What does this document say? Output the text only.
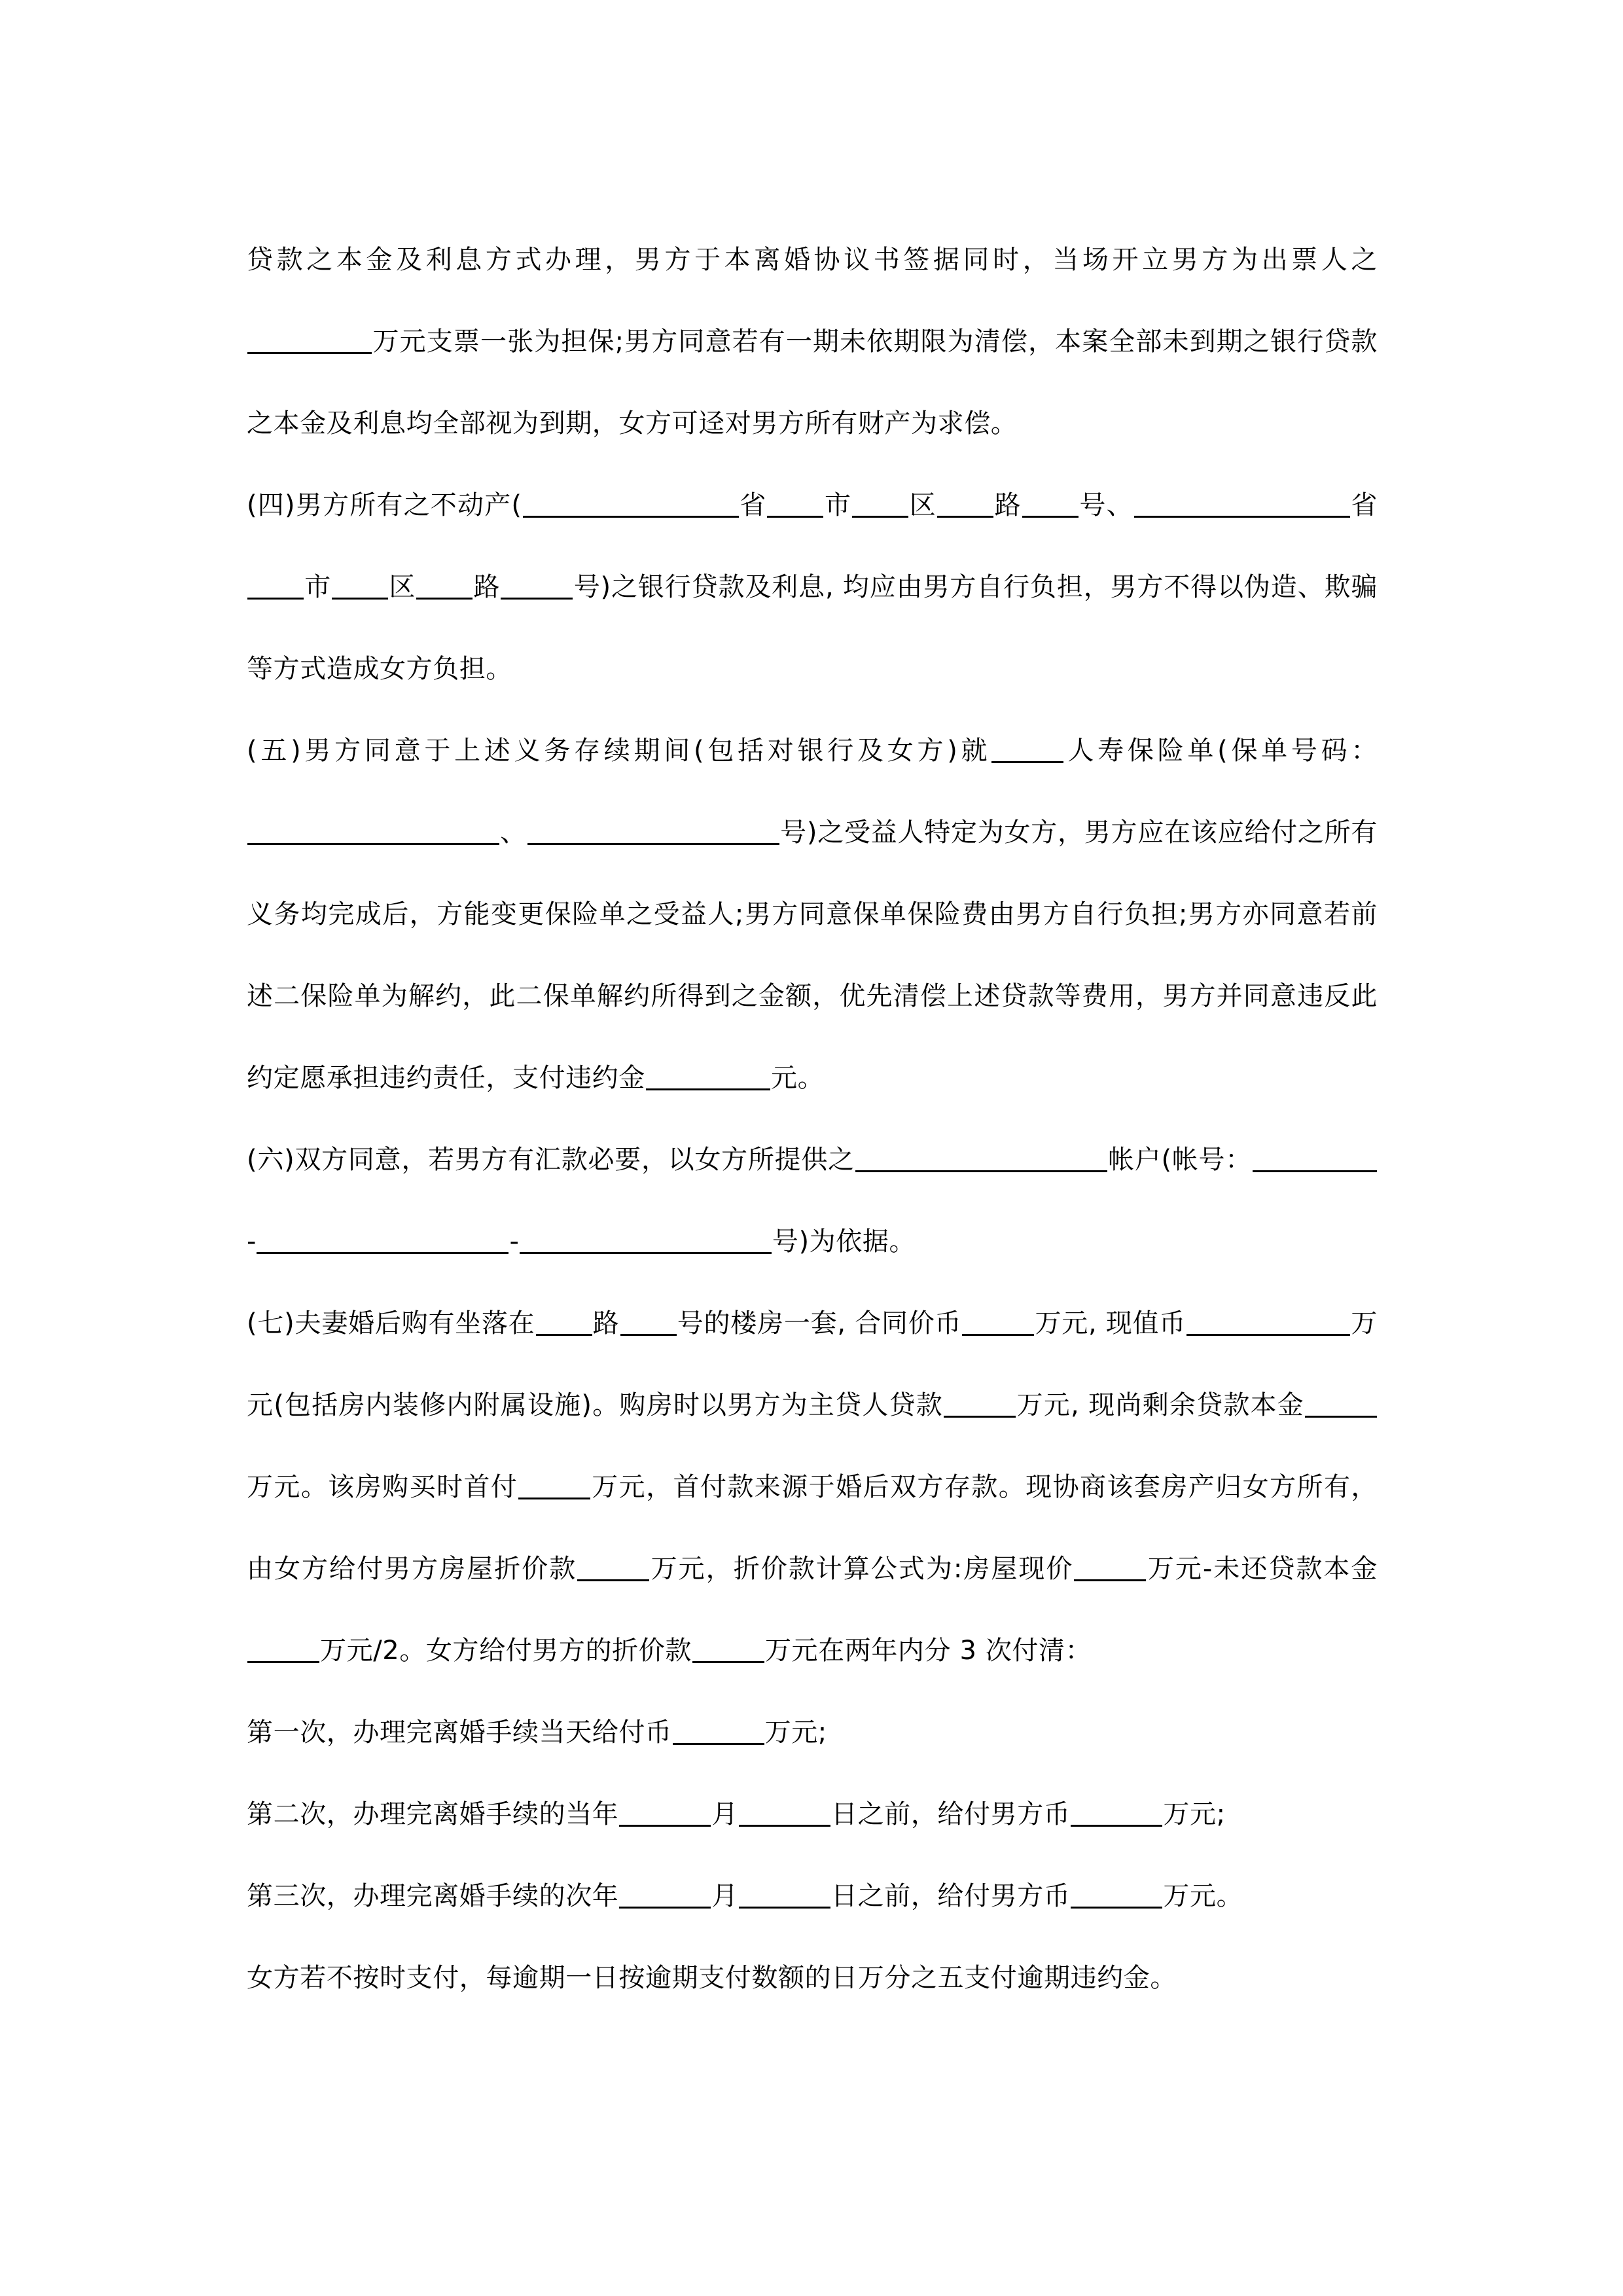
贷款之本金及利息方式办理，男方于本离婚协议书签据同时，当场开立男方为出票人之万元支票一张为担保;男方同意若有一期未依期限为清偿，本案全部未到期之银行贷款之本金及利息均全部视为到期，女方可迳对男方所有财产为求偿。

(四)男方所有之不动产(	省 市 区 路 号、	省市 区 路	号)之银行贷款及利息, 均应由男方自行负担，男方不得以伪造、欺骗等方式造成女方负担。

(五)男方同意于上述义务存续期间(包括对银行及女方)就	人寿保险单(保单号码：、	号)之受益人特定为女方，男方应在该应给付之所有义务均完成后，方能变更保险单之受益人;男方同意保单保险费由男方自行负担;男方亦同意若前述二保险单为解约，此二保单解约所得到之金额，优先清偿上述贷款等费用，男方并同意违反此约定愿承担违约责任，支付违约金	元。

(六)双方同意，若男方有汇款必要，以女方所提供之	帐户(帐号：-	-	号)为依据。

(七)夫妻婚后购有坐落在 路 号的楼房一套, 合同价币	万元, 现值币	万元(包括房内装修内附属设施)。购房时以男方为主贷人贷款	万元, 现尚剩余贷款本金万元。该房购买时首付	万元，首付款来源于婚后双方存款。现协商该套房产归女方所有，由女方给付男方房屋折价款	万元，折价款计算公式为:房屋现价	万元-未还贷款本金万元/2。女方给付男方的折价款	万元在两年内分 3 次付清：

第一次，办理完离婚手续当天给付币	万元;

第二次，办理完离婚手续的当年	月	日之前，给付男方币	万元;

第三次，办理完离婚手续的次年	月	日之前，给付男方币	万元。

女方若不按时支付，每逾期一日按逾期支付数额的日万分之五支付逾期违约金。
